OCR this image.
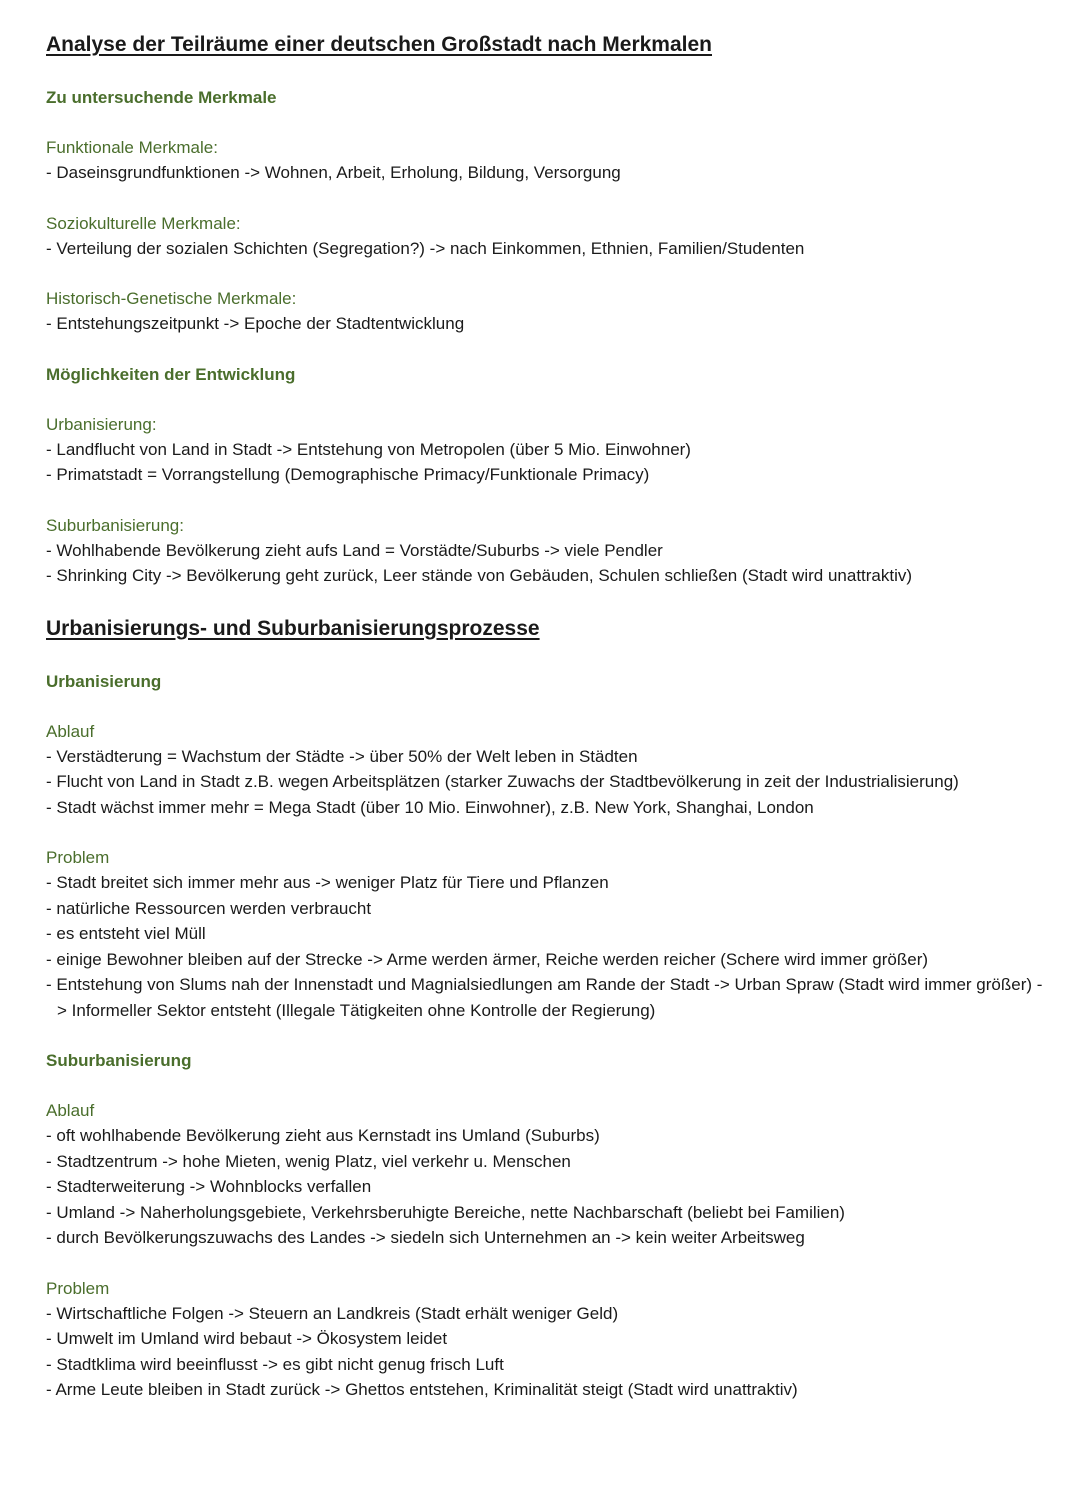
Analyse der Teilräume einer deutschen Großstadt nach Merkmalen
Zu untersuchende Merkmale
Funktionale Merkmale:
- Daseinsgrundfunktionen -> Wohnen, Arbeit, Erholung, Bildung, Versorgung
Soziokulturelle Merkmale:
- Verteilung der sozialen Schichten (Segregation?) -> nach Einkommen, Ethnien, Familien/Studenten
Historisch-Genetische Merkmale:
- Entstehungszeitpunkt -> Epoche der Stadtentwicklung
Möglichkeiten der Entwicklung
Urbanisierung:
- Landflucht von Land in Stadt -> Entstehung von Metropolen (über 5 Mio. Einwohner)
- Primatstadt = Vorrangstellung (Demographische Primacy/Funktionale Primacy)
Suburbanisierung:
- Wohlhabende Bevölkerung zieht aufs Land = Vorstädte/Suburbs -> viele Pendler
- Shrinking City -> Bevölkerung geht zurück, Leer stände von Gebäuden, Schulen schließen (Stadt wird unattraktiv)
Urbanisierungs- und Suburbanisierungsprozesse
Urbanisierung
Ablauf
- Verstädterung = Wachstum der Städte -> über 50% der Welt leben in Städten
- Flucht von Land in Stadt z.B. wegen Arbeitsplätzen (starker Zuwachs der Stadtbevölkerung in zeit der Industrialisierung)
- Stadt wächst immer mehr = Mega Stadt (über 10 Mio. Einwohner), z.B. New York, Shanghai, London
Problem
- Stadt breitet sich immer mehr aus -> weniger Platz für Tiere und Pflanzen
- natürliche Ressourcen werden verbraucht
- es entsteht viel Müll
- einige Bewohner bleiben auf der Strecke -> Arme werden ärmer, Reiche werden reicher (Schere wird immer größer)
- Entstehung von Slums nah der Innenstadt und Magnialsiedlungen am Rande der Stadt -> Urban Spraw (Stadt wird immer größer) -> Informeller Sektor entsteht (Illegale Tätigkeiten ohne Kontrolle der Regierung)
Suburbanisierung
Ablauf
- oft wohlhabende Bevölkerung zieht aus Kernstadt ins Umland (Suburbs)
- Stadtzentrum -> hohe Mieten, wenig Platz, viel verkehr u. Menschen
- Stadterweiterung -> Wohnblocks verfallen
- Umland -> Naherholungsgebiete, Verkehrsberuhigte Bereiche, nette Nachbarschaft (beliebt bei Familien)
- durch Bevölkerungszuwachs des Landes -> siedeln sich Unternehmen an -> kein weiter Arbeitsweg
Problem
- Wirtschaftliche Folgen -> Steuern an Landkreis (Stadt erhält weniger Geld)
- Umwelt im Umland wird bebaut -> Ökosystem leidet
- Stadtklima wird beeinflusst -> es gibt nicht genug frisch Luft
- Arme Leute bleiben in Stadt zurück -> Ghettos entstehen, Kriminalität steigt (Stadt wird unattraktiv)
